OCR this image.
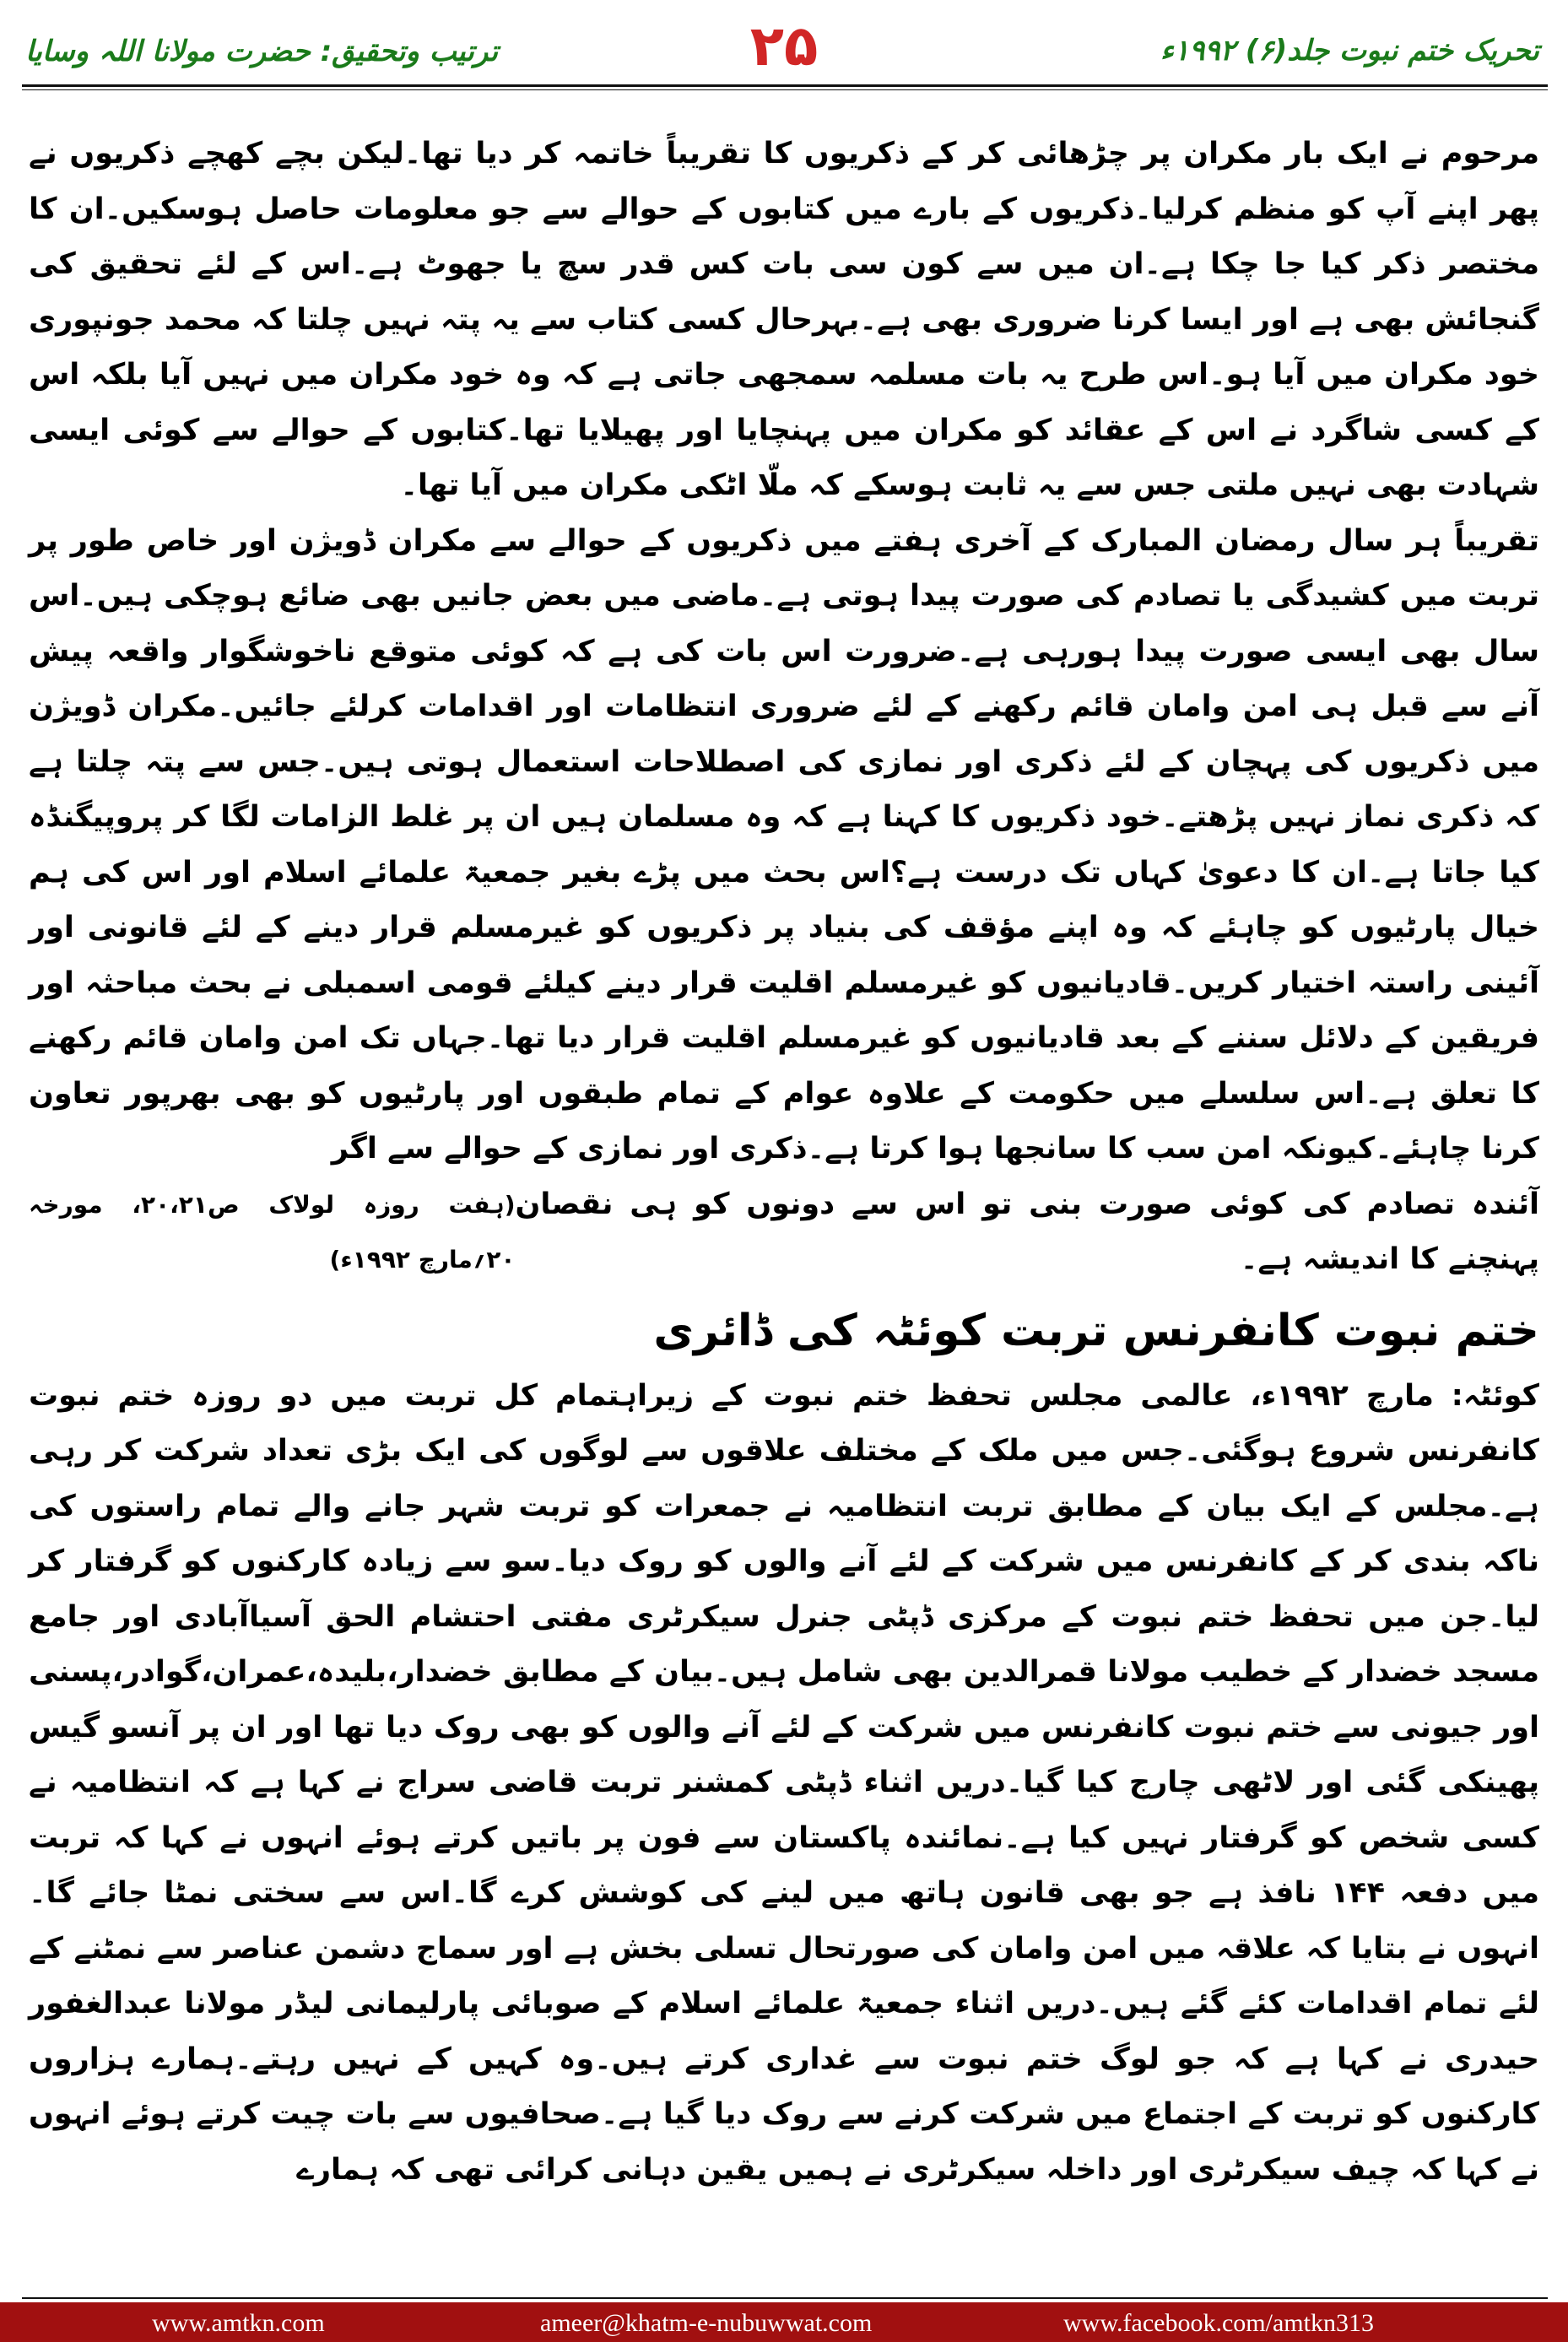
ترتیب وتحقیق: حضرت مولانا اللہ وسایا	۲۵	تحریک ختم نبوت جلد(۶) ۱۹۹۲ء

مرحوم نے ایک بار مکران پر چڑھائی کر کے ذکریوں کا تقریباً خاتمہ کر دیا تھا۔لیکن بچے کھچے ذکریوں نے پھر اپنے آپ کو منظم کرلیا۔ذکریوں کے بارے میں کتابوں کے حوالے سے جو معلومات حاصل ہوسکیں۔ان کا مختصر ذکر کیا جا چکا ہے۔ان میں سے کون سی بات کس قدر سچ یا جھوٹ ہے۔اس کے لئے تحقیق کی گنجائش بھی ہے اور ایسا کرنا ضروری بھی ہے۔بہرحال کسی کتاب سے یہ پتہ نہیں چلتا کہ محمد جونپوری خود مکران میں آیا ہو۔اس طرح یہ بات مسلمہ سمجھی جاتی ہے کہ وہ خود مکران میں نہیں آیا بلکہ اس کے کسی شاگرد نے اس کے عقائد کو مکران میں پہنچایا اور پھیلایا تھا۔کتابوں کے حوالے سے کوئی ایسی شہادت بھی نہیں ملتی جس سے یہ ثابت ہوسکے کہ ملّا اٹکی مکران میں آیا تھا۔

تقریباً ہر سال رمضان المبارک کے آخری ہفتے میں ذکریوں کے حوالے سے مکران ڈویژن اور خاص طور پر تربت میں کشیدگی یا تصادم کی صورت پیدا ہوتی ہے۔ماضی میں بعض جانیں بھی ضائع ہوچکی ہیں۔اس سال بھی ایسی صورت پیدا ہورہی ہے۔ضرورت اس بات کی ہے کہ کوئی متوقع ناخوشگوار واقعہ پیش آنے سے قبل ہی امن وامان قائم رکھنے کے لئے ضروری انتظامات اور اقدامات کرلئے جائیں۔مکران ڈویژن میں ذکریوں کی پہچان کے لئے ذکری اور نمازی کی اصطلاحات استعمال ہوتی ہیں۔جس سے پتہ چلتا ہے کہ ذکری نماز نہیں پڑھتے۔خود ذکریوں کا کہنا ہے کہ وہ مسلمان ہیں ان پر غلط الزامات لگا کر پروپیگنڈہ کیا جاتا ہے۔ان کا دعویٰ کہاں تک درست ہے؟اس بحث میں پڑے بغیر جمعیۃ علمائے اسلام اور اس کی ہم خیال پارٹیوں کو چاہئے کہ وہ اپنے مؤقف کی بنیاد پر ذکریوں کو غیرمسلم قرار دینے کے لئے قانونی اور آئینی راستہ اختیار کریں۔قادیانیوں کو غیرمسلم اقلیت قرار دینے کیلئے قومی اسمبلی نے بحث مباحثہ اور فریقین کے دلائل سننے کے بعد قادیانیوں کو غیرمسلم اقلیت قرار دیا تھا۔جہاں تک امن وامان قائم رکھنے کا تعلق ہے۔اس سلسلے میں حکومت کے علاوہ عوام کے تمام طبقوں اور پارٹیوں کو بھی بھرپور تعاون کرنا چاہئے۔کیونکہ امن سب کا سانجھا ہوا کرتا ہے۔ذکری اور نمازی کے حوالے سے اگر

آئندہ تصادم کی کوئی صورت بنی تو اس سے دونوں کو ہی نقصان پہنچنے کا اندیشہ ہے۔
(ہفت روزہ لولاک ص۲۰،۲۱، مورخہ ۲۰؍مارچ ۱۹۹۲ء)
ختم نبوت کانفرنس تربت کوئٹہ کی ڈائری

کوئٹہ: مارچ ۱۹۹۲ء، عالمی مجلس تحفظ ختم نبوت کے زیراہتمام کل تربت میں دو روزہ ختم نبوت کانفرنس شروع ہوگئی۔جس میں ملک کے مختلف علاقوں سے لوگوں کی ایک بڑی تعداد شرکت کر رہی ہے۔مجلس کے ایک بیان کے مطابق تربت انتظامیہ نے جمعرات کو تربت شہر جانے والے تمام راستوں کی ناکہ بندی کر کے کانفرنس میں شرکت کے لئے آنے والوں کو روک دیا۔سو سے زیادہ کارکنوں کو گرفتار کر لیا۔جن میں تحفظ ختم نبوت کے مرکزی ڈپٹی جنرل سیکرٹری مفتی احتشام الحق آسیاآبادی اور جامع مسجد خضدار کے خطیب مولانا قمرالدین بھی شامل ہیں۔بیان کے مطابق خضدار،بلیدہ،عمران،گوادر،پسنی اور جیونی سے ختم نبوت کانفرنس میں شرکت کے لئے آنے والوں کو بھی روک دیا تھا اور ان پر آنسو گیس پھینکی گئی اور لاٹھی چارج کیا گیا۔دریں اثناء ڈپٹی کمشنر تربت قاضی سراج نے کہا ہے کہ انتظامیہ نے کسی شخص کو گرفتار نہیں کیا ہے۔نمائندہ پاکستان سے فون پر باتیں کرتے ہوئے انہوں نے کہا کہ تربت میں دفعہ ۱۴۴ نافذ ہے جو بھی قانون ہاتھ میں لینے کی کوشش کرے گا۔اس سے سختی نمٹا جائے گا۔انہوں نے بتایا کہ علاقہ میں امن وامان کی صورتحال تسلی بخش ہے اور سماج دشمن عناصر سے نمٹنے کے لئے تمام اقدامات کئے گئے ہیں۔دریں اثناء جمعیۃ علمائے اسلام کے صوبائی پارلیمانی لیڈر مولانا عبدالغفور حیدری نے کہا ہے کہ جو لوگ ختم نبوت سے غداری کرتے ہیں۔وہ کہیں کے نہیں رہتے۔ہمارے ہزاروں کارکنوں کو تربت کے اجتماع میں شرکت کرنے سے روک دیا گیا ہے۔صحافیوں سے بات چیت کرتے ہوئے انہوں نے کہا کہ چیف سیکرٹری اور داخلہ سیکرٹری نے ہمیں یقین دہانی کرائی تھی کہ ہمارے

www.amtkn.com	ameer@khatm-e-nubuwwat.com	www.facebook.com/amtkn313
